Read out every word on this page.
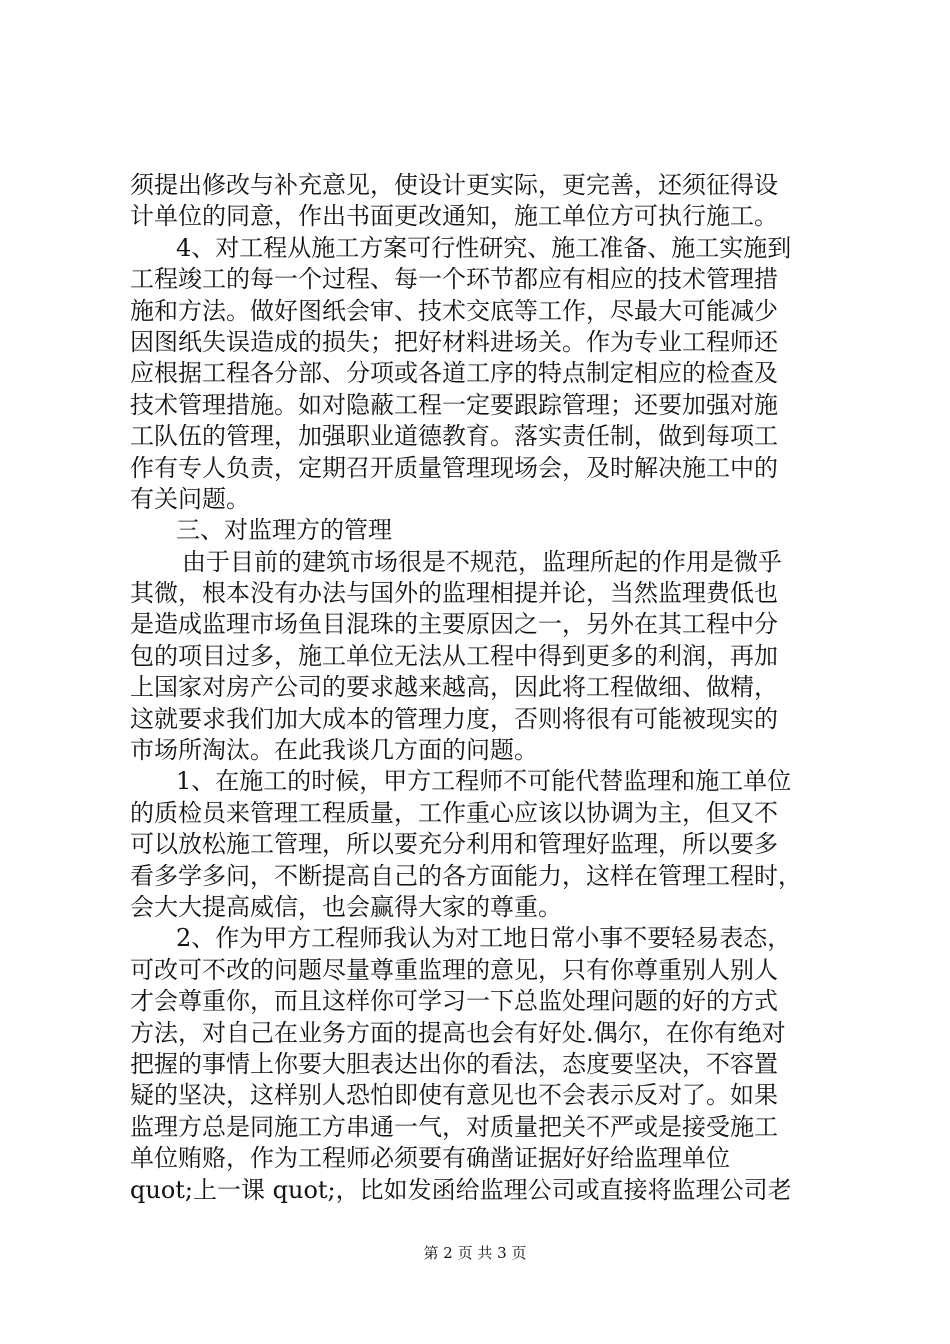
须提出修改与补充意见，使设计更实际，更完善，还须征得设
计单位的同意，作出书面更改通知，施工单位方可执行施工。
4、对工程从施工方案可行性研究、施工准备、施工实施到
工程竣工的每一个过程、每一个环节都应有相应的技术管理措
施和方法。做好图纸会审、技术交底等工作，尽最大可能减少
因图纸失误造成的损失；把好材料进场关。作为专业工程师还
应根据工程各分部、分项或各道工序的特点制定相应的检查及
技术管理措施。如对隐蔽工程一定要跟踪管理；还要加强对施
工队伍的管理，加强职业道德教育。落实责任制，做到每项工
作有专人负责，定期召开质量管理现场会，及时解决施工中的
有关问题。
三、对监理方的管理
由于目前的建筑市场很是不规范，监理所起的作用是微乎
其微，根本没有办法与国外的监理相提并论，当然监理费低也
是造成监理市场鱼目混珠的主要原因之一，另外在其工程中分
包的项目过多，施工单位无法从工程中得到更多的利润，再加
上国家对房产公司的要求越来越高，因此将工程做细、做精，
这就要求我们加大成本的管理力度，否则将很有可能被现实的
市场所淘汰。在此我谈几方面的问题。
1、在施工的时候，甲方工程师不可能代替监理和施工单位
的质检员来管理工程质量，工作重心应该以协调为主，但又不
可以放松施工管理，所以要充分利用和管理好监理，所以要多
看多学多问，不断提高自己的各方面能力，这样在管理工程时，
会大大提高威信，也会赢得大家的尊重。
2、作为甲方工程师我认为对工地日常小事不要轻易表态，
可改可不改的问题尽量尊重监理的意见，只有你尊重别人别人
才会尊重你，而且这样你可学习一下总监处理问题的好的方式
方法，对自己在业务方面的提高也会有好处.偶尔，在你有绝对
把握的事情上你要大胆表达出你的看法，态度要坚决，不容置
疑的坚决，这样别人恐怕即使有意见也不会表示反对了。如果
监理方总是同施工方串通一气，对质量把关不严或是接受施工
单位贿赂，作为工程师必须要有确凿证据好好给监理单位
quot;上一课 quot;，比如发函给监理公司或直接将监理公司老
第 2 页 共 3 页
